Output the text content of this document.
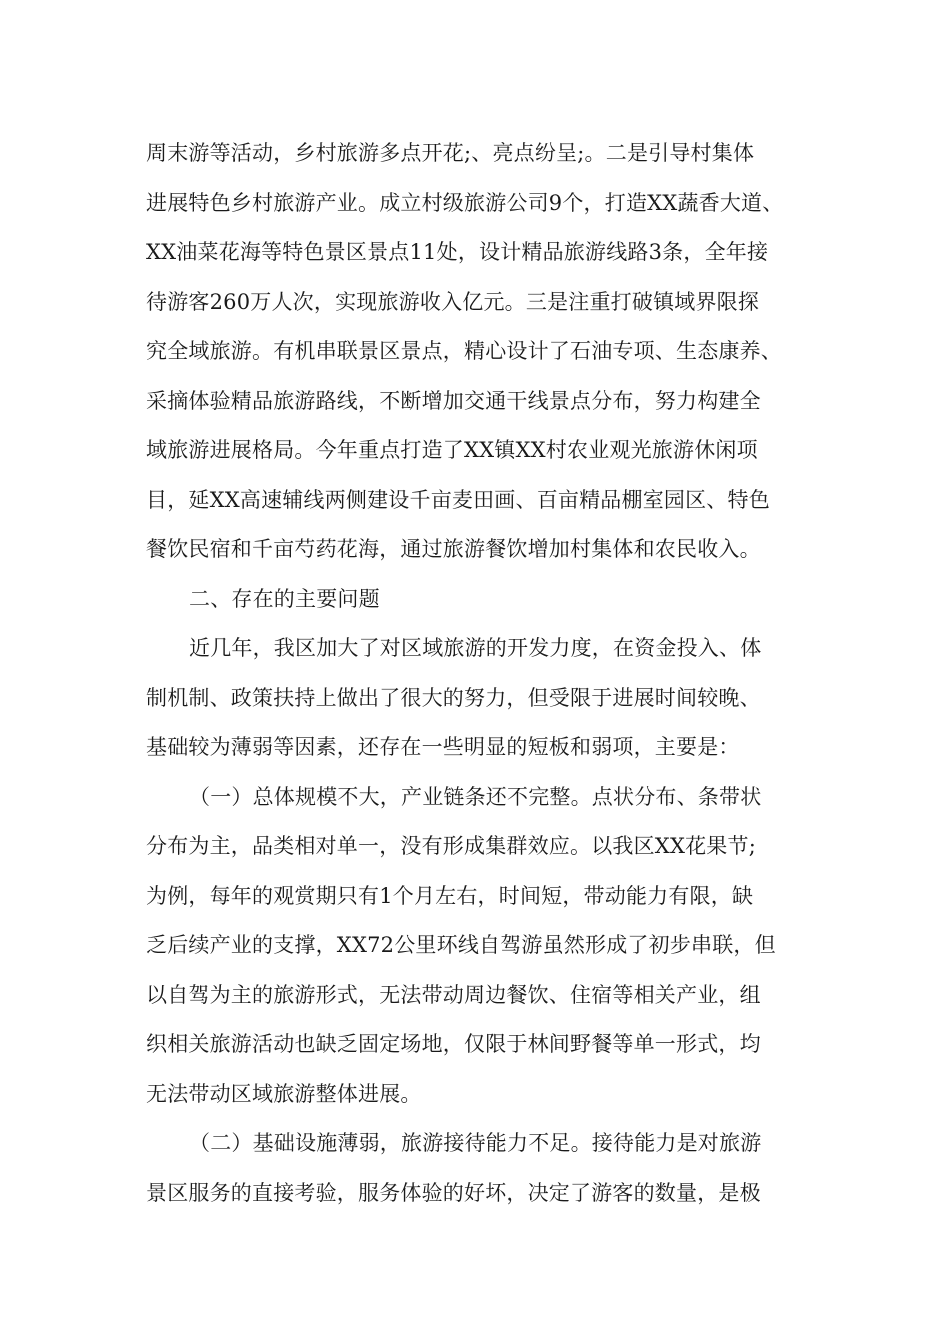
周末游等活动，乡村旅游多点开花;、亮点纷呈;。二是引导村集体
进展特色乡村旅游产业。成立村级旅游公司9个，打造XX蔬香大道、
XX油菜花海等特色景区景点11处，设计精品旅游线路3条，全年接
待游客260万人次，实现旅游收入亿元。三是注重打破镇域界限探
究全域旅游。有机串联景区景点，精心设计了石油专项、生态康养、
采摘体验精品旅游路线，不断增加交通干线景点分布，努力构建全
域旅游进展格局。今年重点打造了XX镇XX村农业观光旅游休闲项
目，延XX高速辅线两侧建设千亩麦田画、百亩精品棚室园区、特色
餐饮民宿和千亩芍药花海，通过旅游餐饮增加村集体和农民收入。
二、存在的主要问题
近几年，我区加大了对区域旅游的开发力度，在资金投入、体
制机制、政策扶持上做出了很大的努力，但受限于进展时间较晚、
基础较为薄弱等因素，还存在一些明显的短板和弱项，主要是：
（一）总体规模不大，产业链条还不完整。点状分布、条带状
分布为主，品类相对单一，没有形成集群效应。以我区XX花果节;
为例，每年的观赏期只有1个月左右，时间短，带动能力有限，缺
乏后续产业的支撑，XX72公里环线自驾游虽然形成了初步串联，但
以自驾为主的旅游形式，无法带动周边餐饮、住宿等相关产业，组
织相关旅游活动也缺乏固定场地，仅限于林间野餐等单一形式，均
无法带动区域旅游整体进展。
（二）基础设施薄弱，旅游接待能力不足。接待能力是对旅游
景区服务的直接考验，服务体验的好坏，决定了游客的数量，是极
